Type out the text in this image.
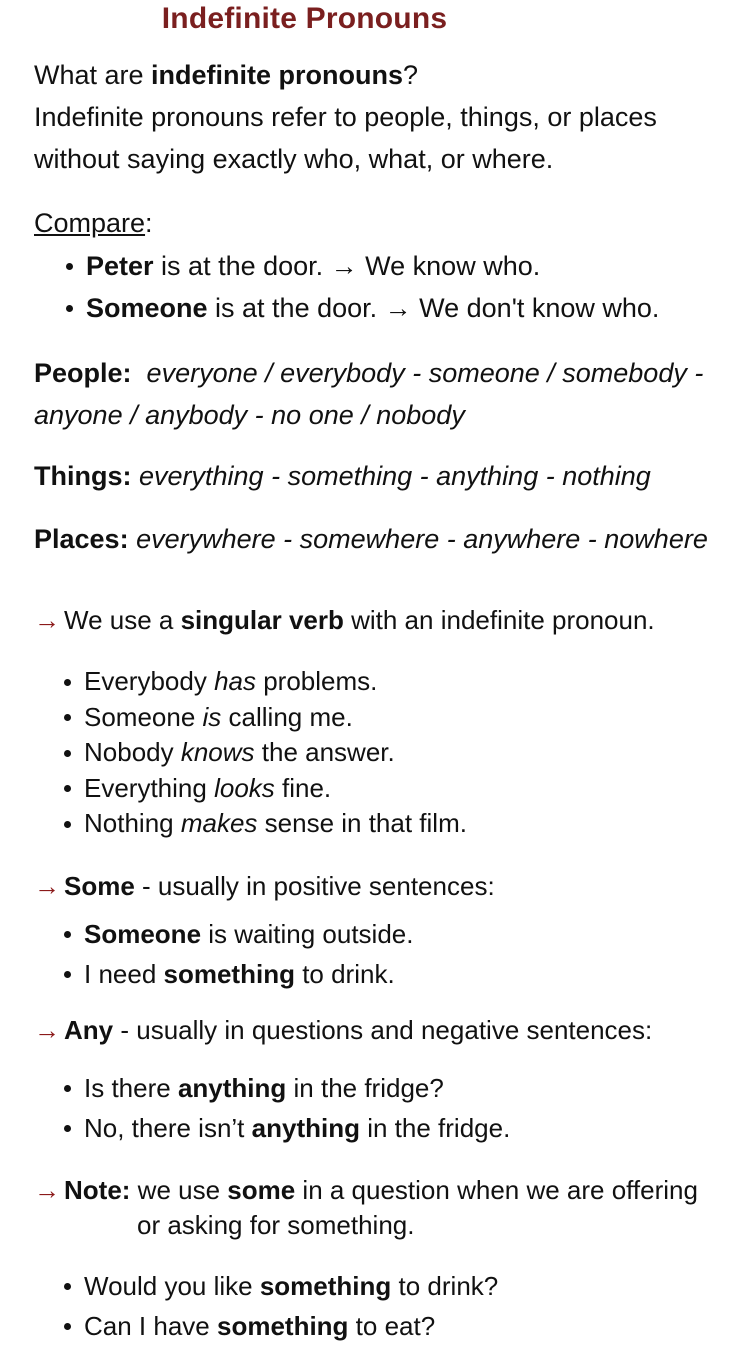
Indefinite Pronouns
What are indefinite pronouns?
Indefinite pronouns refer to people, things, or places
without saying exactly who, what, or where.
Compare:
Peter is at the door. → We know who.
Someone is at the door. → We don't know who.
People: everyone / everybody - someone / somebody -
anyone / anybody - no one / nobody
Things: everything - something - anything - nothing
Places: everywhere - somewhere - anywhere - nowhere
→ We use a singular verb with an indefinite pronoun.
Everybody has problems.
Someone is calling me.
Nobody knows the answer.
Everything looks fine.
Nothing makes sense in that film.
→ Some - usually in positive sentences:
Someone is waiting outside.
I need something to drink.
→ Any - usually in questions and negative sentences:
Is there anything in the fridge?
No, there isn’t anything in the fridge.
→ Note: we use some in a question when we are offering
or asking for something.
Would you like something to drink?
Can I have something to eat?
